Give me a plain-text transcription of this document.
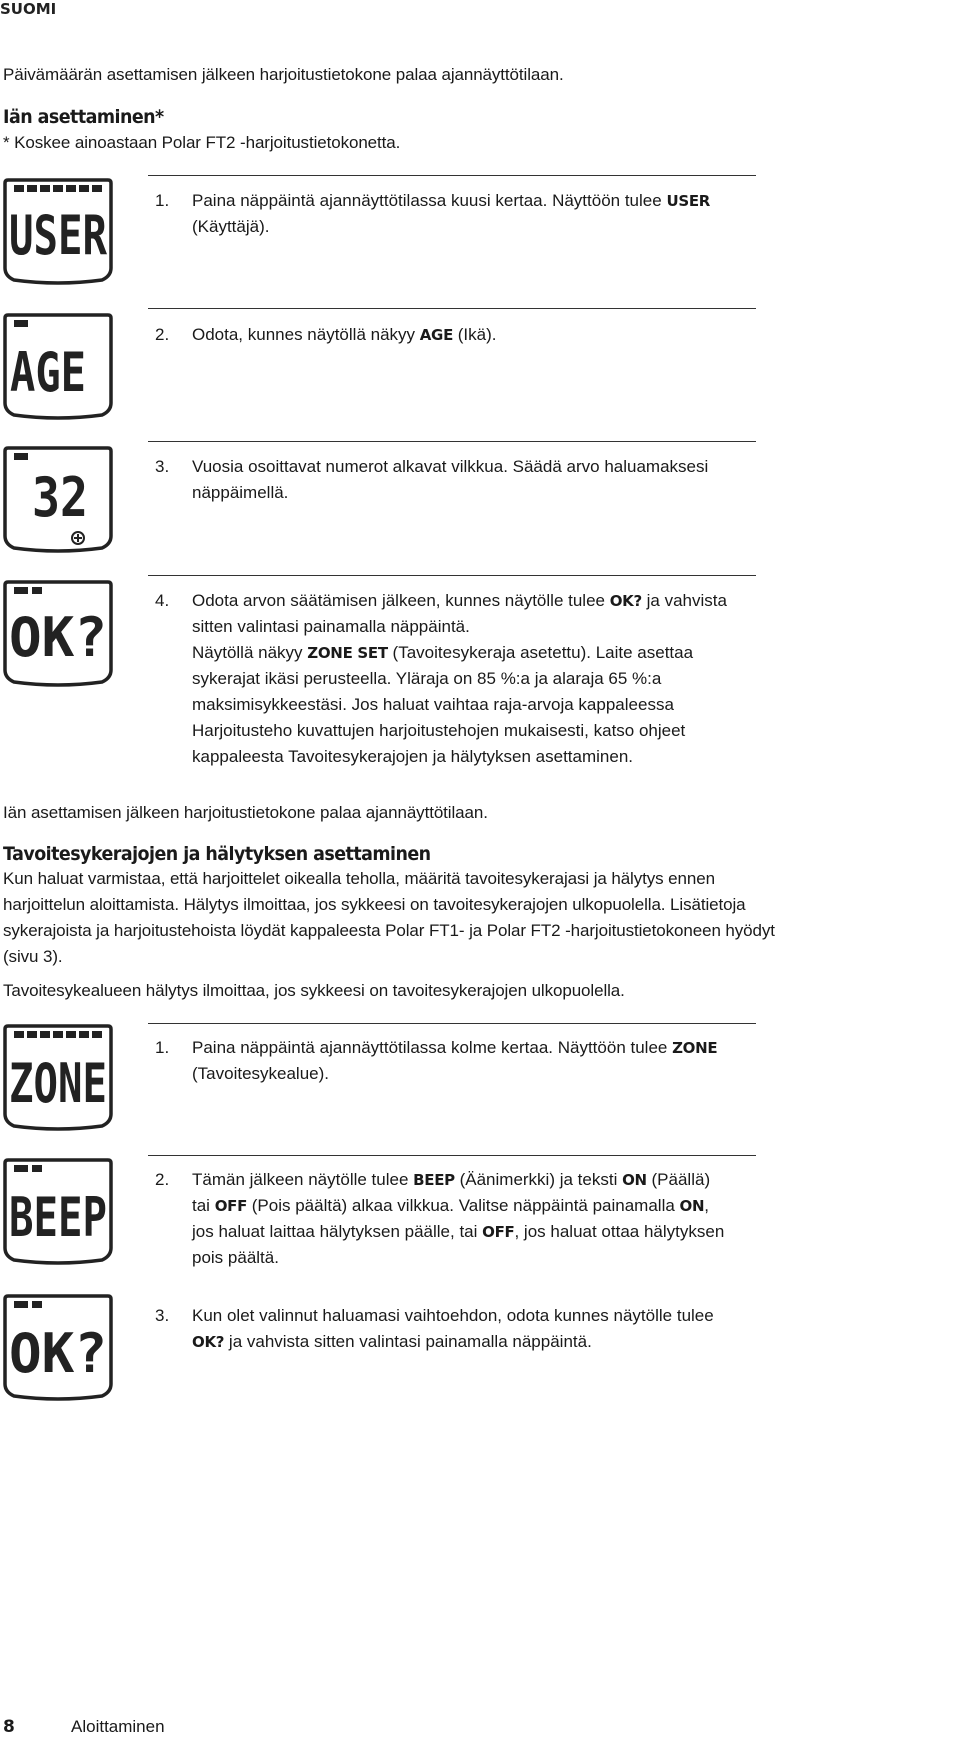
SUOMI
Päivämäärän asettamisen jälkeen harjoitustietokone palaa ajannäyttötilaan.
Iän asettaminen*
* Koskee ainoastaan Polar FT2 -harjoitustietokonetta.
USER
1. Paina näppäintä ajannäyttötilassa kuusi kertaa. Näyttöön tulee USER
(Käyttäjä).
AGE
2. Odota, kunnes näytöllä näkyy AGE (Ikä).
32	3. Vuosia osoittavat numerot alkavat vilkkua. Säädä arvo haluamaksesi
näppäimellä.
OK?
4. Odota arvon säätämisen jälkeen, kunnes näytölle tulee OK? ja vahvista
sitten valintasi painamalla näppäintä.
Näytöllä näkyy ZONE SET (Tavoitesykeraja asetettu). Laite asettaa
sykerajat ikäsi perusteella. Yläraja on 85 %:a ja alaraja 65 %:a
maksimisykkeestäsi. Jos haluat vaihtaa raja-arvoja kappaleessa
Harjoitusteho kuvattujen harjoitustehojen mukaisesti, katso ohjeet
kappaleesta Tavoitesykerajojen ja hälytyksen asettaminen.
Iän asettamisen jälkeen harjoitustietokone palaa ajannäyttötilaan.
Tavoitesykerajojen ja hälytyksen asettaminen
Kun haluat varmistaa, että harjoittelet oikealla teholla, määritä tavoitesykerajasi ja hälytys ennen
harjoittelun aloittamista. Hälytys ilmoittaa, jos sykkeesi on tavoitesykerajojen ulkopuolella. Lisätietoja
sykerajoista ja harjoitustehoista löydät kappaleesta Polar FT1- ja Polar FT2 -harjoitustietokoneen hyödyt
(sivu 3).
Tavoitesykealueen hälytys ilmoittaa, jos sykkeesi on tavoitesykerajojen ulkopuolella.
ZONE
1. Paina näppäintä ajannäyttötilassa kolme kertaa. Näyttöön tulee ZONE
(Tavoitesykealue).
BEEP
2. Tämän jälkeen näytölle tulee BEEP (Äänimerkki) ja teksti ON (Päällä)
tai OFF (Pois päältä) alkaa vilkkua. Valitse näppäintä painamalla ON,
jos haluat laittaa hälytyksen päälle, tai OFF, jos haluat ottaa hälytyksen
pois päältä.
OK?
3. Kun olet valinnut haluamasi vaihtoehdon, odota kunnes näytölle tulee
OK? ja vahvista sitten valintasi painamalla näppäintä.
8	Aloittaminen
